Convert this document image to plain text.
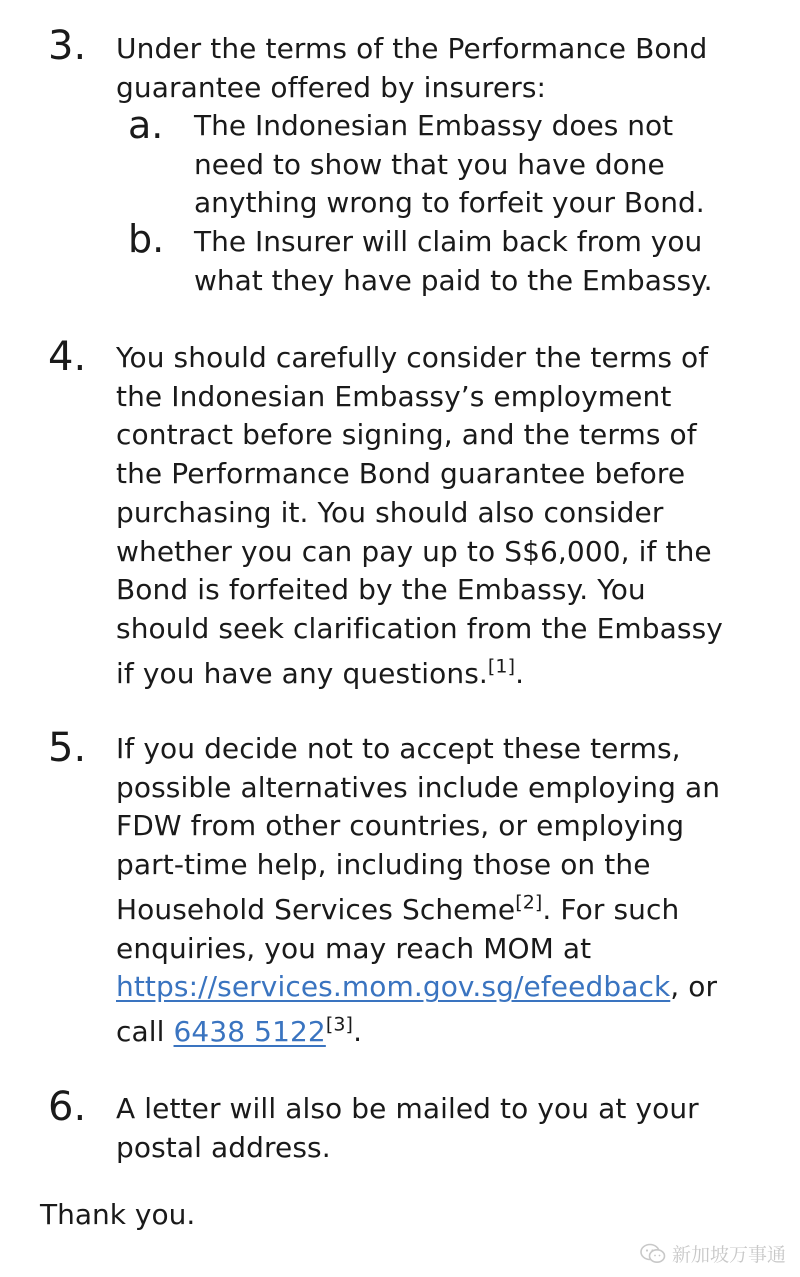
3. Under the terms of the Performance Bond
guarantee offered by insurers:
a. The Indonesian Embassy does not
need to show that you have done
anything wrong to forfeit your Bond.
b. The Insurer will claim back from you
what they have paid to the Embassy.
4. You should carefully consider the terms of
the Indonesian Embassy’s employment
contract before signing, and the terms of
the Performance Bond guarantee before
purchasing it. You should also consider
whether you can pay up to S$6,000, if the
Bond is forfeited by the Embassy. You
should seek clarification from the Embassy
if you have any questions.[1].
5. If you decide not to accept these terms,
possible alternatives include employing an
FDW from other countries, or employing
part-time help, including those on the
Household Services Scheme[2]. For such
enquiries, you may reach MOM at
https://services.mom.gov.sg/efeedback, or
call 6438 5122[3].
6. A letter will also be mailed to you at your
postal address.
Thank you.
新加坡万事通
